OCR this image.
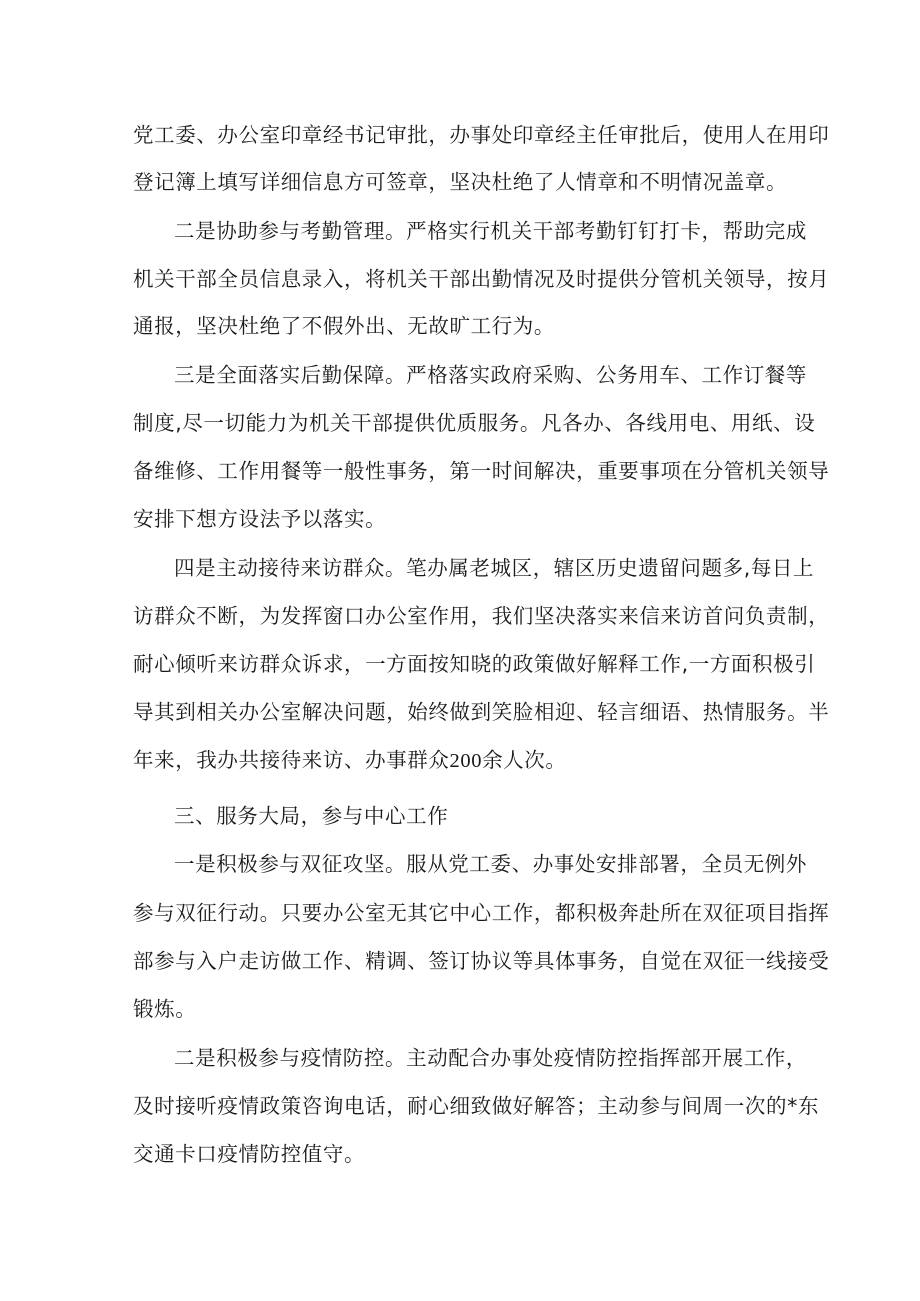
党工委、办公室印章经书记审批，办事处印章经主任审批后，使用人在用印
登记簿上填写详细信息方可签章，坚决杜绝了人情章和不明情况盖章。
二是协助参与考勤管理。严格实行机关干部考勤钉钉打卡，帮助完成
机关干部全员信息录入，将机关干部出勤情况及时提供分管机关领导，按月
通报，坚决杜绝了不假外出、无故旷工行为。
三是全面落实后勤保障。严格落实政府采购、公务用车、工作订餐等
制度,尽一切能力为机关干部提供优质服务。凡各办、各线用电、用纸、设
备维修、工作用餐等一般性事务，第一时间解决，重要事项在分管机关领导
安排下想方设法予以落实。
四是主动接待来访群众。笔办属老城区，辖区历史遗留问题多,每日上
访群众不断，为发挥窗口办公室作用，我们坚决落实来信来访首问负责制，
耐心倾听来访群众诉求，一方面按知晓的政策做好解释工作,一方面积极引
导其到相关办公室解决问题，始终做到笑脸相迎、轻言细语、热情服务。半
年来，我办共接待来访、办事群众200余人次。
三、服务大局，参与中心工作
一是积极参与双征攻坚。服从党工委、办事处安排部署，全员无例外
参与双征行动。只要办公室无其它中心工作，都积极奔赴所在双征项目指挥
部参与入户走访做工作、精调、签订协议等具体事务，自觉在双征一线接受
锻炼。
二是积极参与疫情防控。主动配合办事处疫情防控指挥部开展工作，
及时接听疫情政策咨询电话，耐心细致做好解答；主动参与间周一次的*东
交通卡口疫情防控值守。
